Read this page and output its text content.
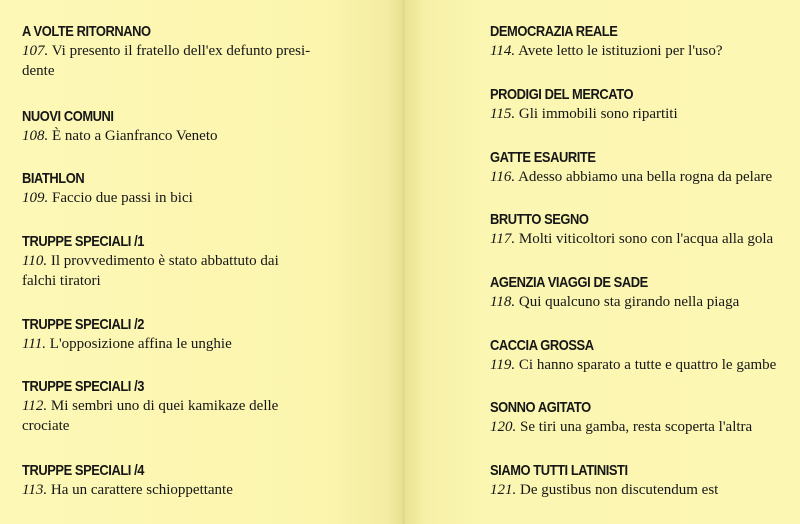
A VOLTE RITORNANO
107. Vi presento il fratello dell'ex defunto presi-dente
NUOVI COMUNI
108. È nato a Gianfranco Veneto
BIATHLON
109. Faccio due passi in bici
TRUPPE SPECIALI /1
110. Il provvedimento è stato abbattuto dai falchi tiratori
TRUPPE SPECIALI /2
111. L'opposizione affina le unghie
TRUPPE SPECIALI /3
112. Mi sembri uno di quei kamikaze delle crociate
TRUPPE SPECIALI /4
113. Ha un carattere schioppettante
DEMOCRAZIA REALE
114. Avete letto le istituzioni per l'uso?
PRODIGI DEL MERCATO
115. Gli immobili sono ripartiti
GATTE ESAURITE
116. Adesso abbiamo una bella rogna da pelare
BRUTTO SEGNO
117. Molti viticoltori sono con l'acqua alla gola
AGENZIA VIAGGI DE SADE
118. Qui qualcuno sta girando nella piaga
CACCIA GROSSA
119. Ci hanno sparato a tutte e quattro le gambe
SONNO AGITATO
120. Se tiri una gamba, resta scoperta l'altra
SIAMO TUTTI LATINISTI
121. De gustibus non discutendum est
